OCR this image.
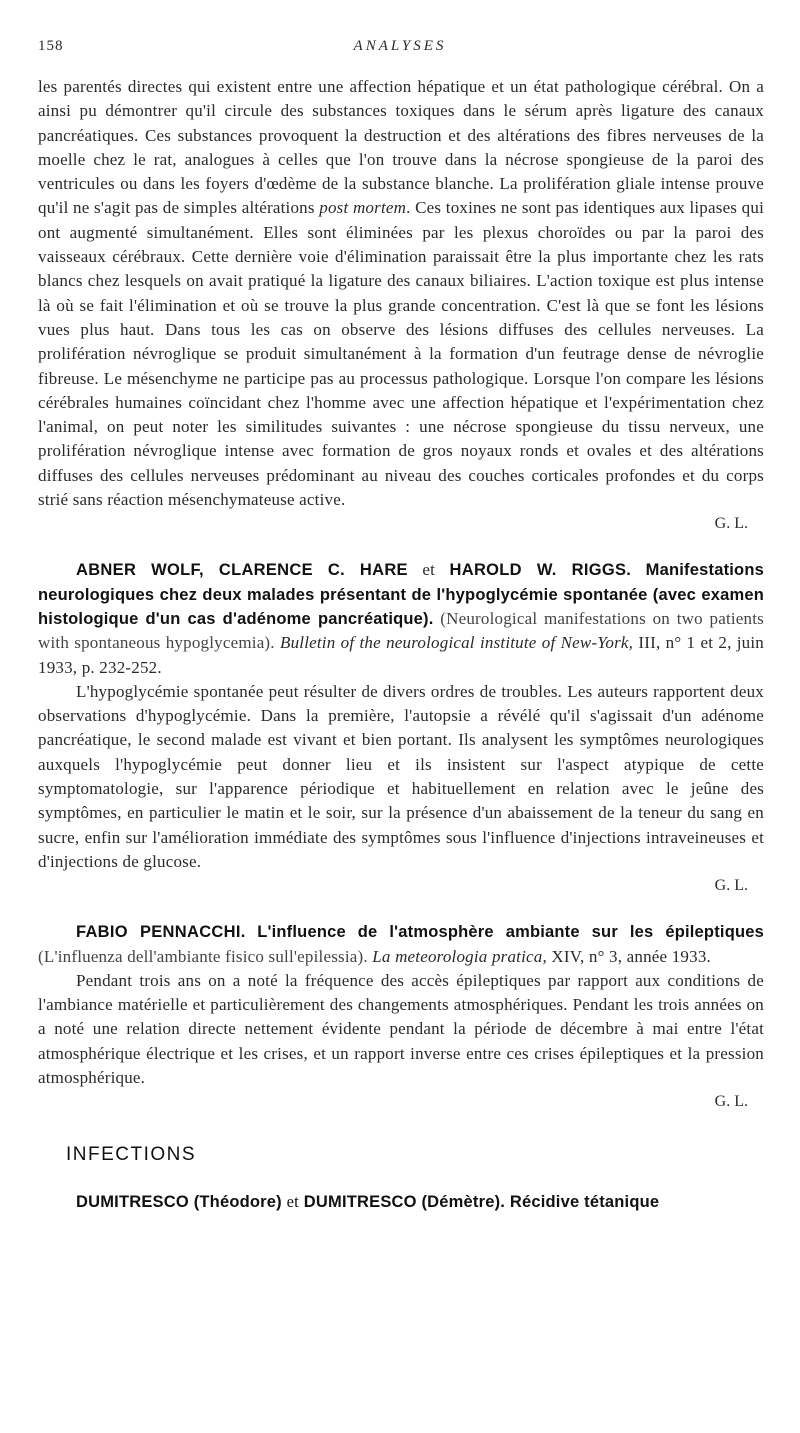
158	ANALYSES

les parentés directes qui existent entre une affection hépatique et un état pathologique cérébral. On a ainsi pu démontrer qu'il circule des substances toxiques dans le sérum après ligature des canaux pancréatiques. Ces substances provoquent la destruction et des altérations des fibres nerveuses de la moelle chez le rat, analogues à celles que l'on trouve dans la nécrose spongieuse de la paroi des ventricules ou dans les foyers d'œdème de la substance blanche. La prolifération gliale intense prouve qu'il ne s'agit pas de simples altérations post mortem. Ces toxines ne sont pas identiques aux lipases qui ont augmenté simultanément. Elles sont éliminées par les plexus choroïdes ou par la paroi des vaisseaux cérébraux. Cette dernière voie d'élimination paraissait être la plus importante chez les rats blancs chez lesquels on avait pratiqué la ligature des canaux biliaires. L'action toxique est plus intense là où se fait l'élimination et où se trouve la plus grande concentration. C'est là que se font les lésions vues plus haut. Dans tous les cas on observe des lésions diffuses des cellules nerveuses. La prolifération névroglique se produit simultanément à la formation d'un feutrage dense de névroglie fibreuse. Le mésenchyme ne participe pas au processus pathologique. Lorsque l'on compare les lésions cérébrales humaines coïncidant chez l'homme avec une affection hépatique et l'expérimentation chez l'animal, on peut noter les similitudes suivantes : une nécrose spongieuse du tissu nerveux, une prolifération névroglique intense avec formation de gros noyaux ronds et ovales et des altérations diffuses des cellules nerveuses prédominant au niveau des couches corticales profondes et du corps strié sans réaction mésenchymateuse active.

G. L.

ABNER WOLF, CLARENCE C. HARE et HAROLD W. RIGGS. Manifestations neurologiques chez deux malades présentant de l'hypoglycémie spontanée (avec examen histologique d'un cas d'adénome pancréatique). (Neurological manifestations on two patients with spontaneous hypoglycemia). Bulletin of the neurological institute of New-York, III, n° 1 et 2, juin 1933, p. 232-252.

L'hypoglycémie spontanée peut résulter de divers ordres de troubles. Les auteurs rapportent deux observations d'hypoglycémie. Dans la première, l'autopsie a révélé qu'il s'agissait d'un adénome pancréatique, le second malade est vivant et bien portant. Ils analysent les symptômes neurologiques auxquels l'hypoglycémie peut donner lieu et ils insistent sur l'aspect atypique de cette symptomatologie, sur l'apparence périodique et habituellement en relation avec le jeûne des symptômes, en particulier le matin et le soir, sur la présence d'un abaissement de la teneur du sang en sucre, enfin sur l'amélioration immédiate des symptômes sous l'influence d'injections intraveineuses et d'injections de glucose.

G. L.

FABIO PENNACCHI. L'influence de l'atmosphère ambiante sur les épileptiques (L'influenza dell'ambiante fisico sull'epilessia). La meteorologia pratica, XIV, n° 3, année 1933.

Pendant trois ans on a noté la fréquence des accès épileptiques par rapport aux conditions de l'ambiance matérielle et particulièrement des changements atmosphériques. Pendant les trois années on a noté une relation directe nettement évidente pendant la période de décembre à mai entre l'état atmosphérique électrique et les crises, et un rapport inverse entre ces crises épileptiques et la pression atmosphérique.

G. L.
INFECTIONS

DUMITRESCO (Théodore) et DUMITRESCO (Démètre). Récidive tétanique
